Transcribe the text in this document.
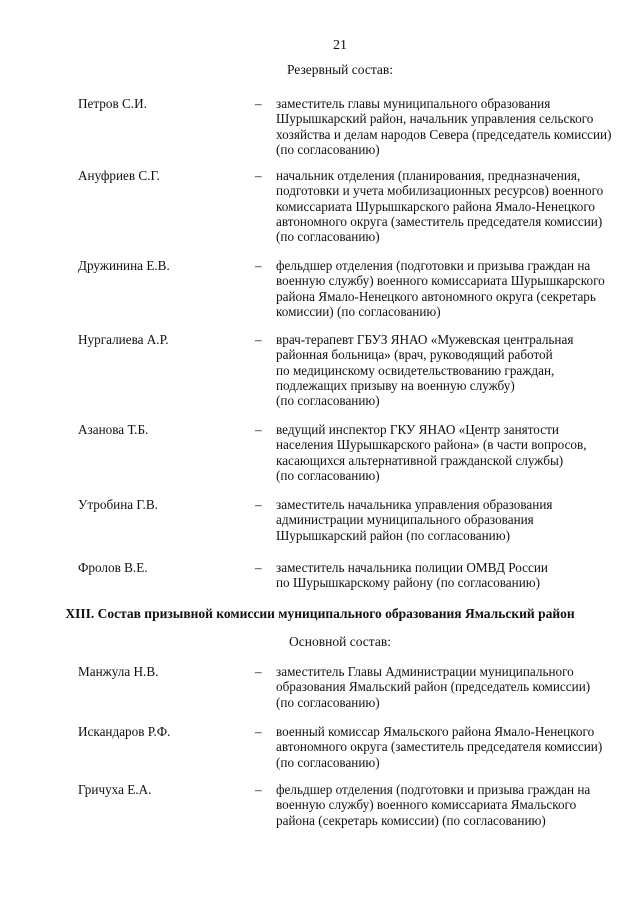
21
Резервный состав:
Петров С.И.	– заместитель главы муниципального образования
Шурышкарский район, начальник управления сельского
хозяйства и делам народов Севера (председатель комиссии)
(по согласованию)
Ануфриев С.Г.	– начальник отделения (планирования, предназначения,
подготовки и учета мобилизационных ресурсов) военного
комиссариата Шурышкарского района Ямало-Ненецкого
автономного округа (заместитель председателя комиссии)
(по согласованию)
Дружинина Е.В.	– фельдшер отделения (подготовки и призыва граждан на
военную службу) военного комиссариата Шурышкарского
района Ямало-Ненецкого автономного округа (секретарь
комиссии) (по согласованию)
Нургалиева А.Р.	– врач-терапевт ГБУЗ ЯНАО «Мужевская центральная
районная больница» (врач, руководящий работой
по медицинскому освидетельствованию граждан,
подлежащих призыву на военную службу)
(по согласованию)
Азанова Т.Б.	– ведущий инспектор ГКУ ЯНАО «Центр занятости
населения Шурышкарского района» (в части вопросов,
касающихся альтернативной гражданской службы)
(по согласованию)
Утробина Г.В.	– заместитель начальника управления образования
администрации муниципального образования
Шурышкарский район (по согласованию)
Фролов В.Е.	– заместитель начальника полиции ОМВД России
по Шурышкарскому району (по согласованию)
XIII. Состав призывной комиссии муниципального образования Ямальский район
Основной состав:
Манжула Н.В.	– заместитель Главы Администрации муниципального
образования Ямальский район (председатель комиссии)
(по согласованию)
Искандаров Р.Ф.	– военный комиссар Ямальского района Ямало-Ненецкого
автономного округа (заместитель председателя комиссии)
(по согласованию)
Гричуха Е.А.	– фельдшер отделения (подготовки и призыва граждан на
военную службу) военного комиссариата Ямальского
района (секретарь комиссии) (по согласованию)
